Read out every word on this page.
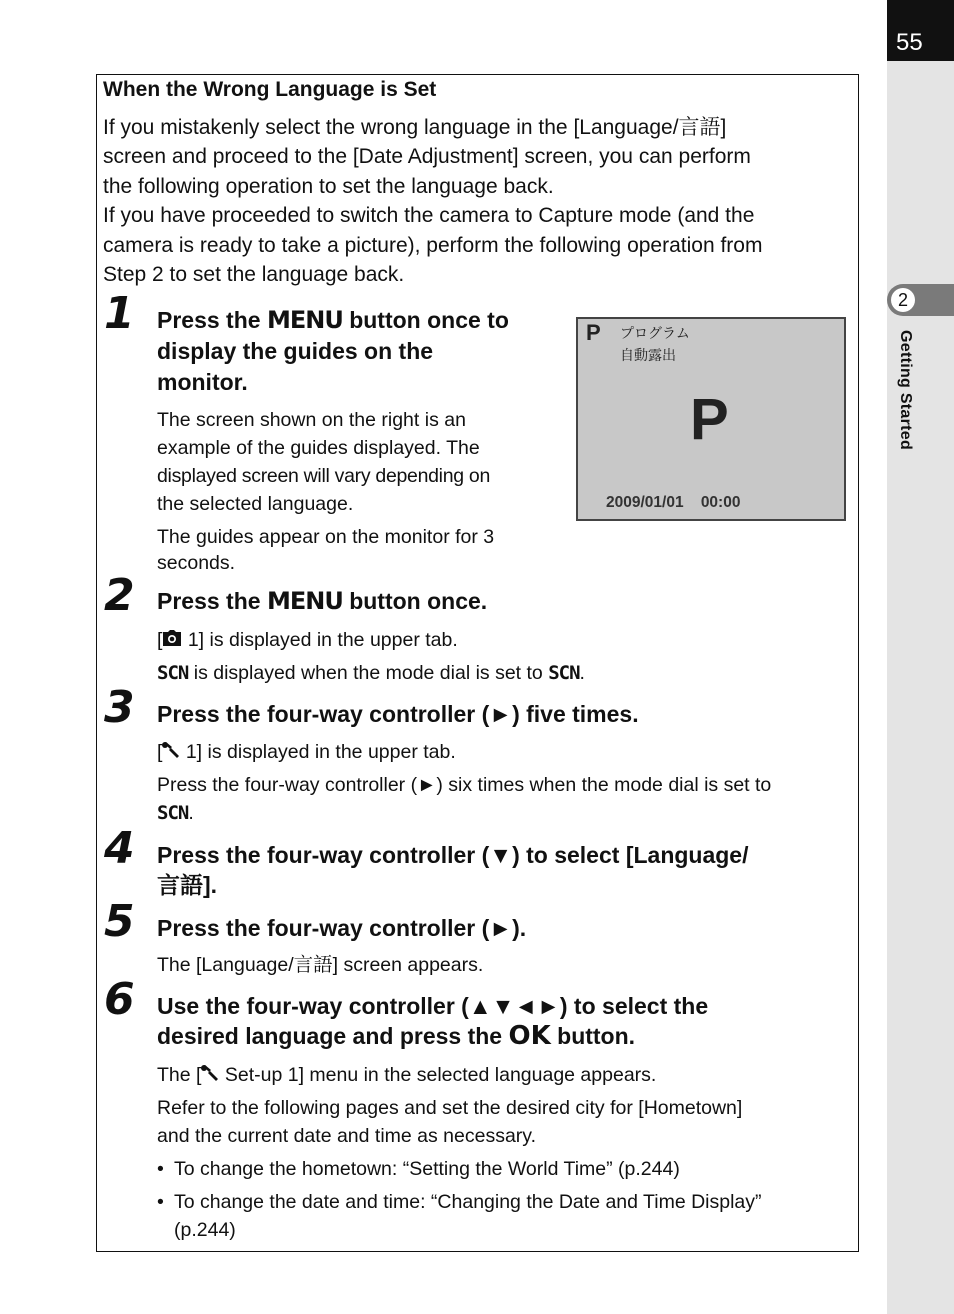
55
2
Getting Started
When the Wrong Language is Set
If you mistakenly select the wrong language in the [Language/言語]
screen and proceed to the [Date Adjustment] screen, you can perform
the following operation to set the language back.
If you have proceeded to switch the camera to Capture mode (and the
camera is ready to take a picture), perform the following operation from
Step 2 to set the language back.
P プログラム
自動露出
P
2009/01/01 00:00
1 Press the MENU button once to
display the guides on the
monitor.
The screen shown on the right is an
example of the guides displayed. The
displayed screen will vary depending on
the selected language.
The guides appear on the monitor for 3
seconds.
2 Press the MENU button once.
[ 1] is displayed in the upper tab.
SCN is displayed when the mode dial is set to SCN.
3 Press the four-way controller (►) five times.
[ 1] is displayed in the upper tab.
Press the four-way controller (►) six times when the mode dial is set to
SCN.
4 Press the four-way controller (▼) to select [Language/
言語].
5 Press the four-way controller (►).
The [Language/言語] screen appears.
6 Use the four-way controller (▲▼◄►) to select the
desired language and press the OK button.
The [ Set-up 1] menu in the selected language appears.
Refer to the following pages and set the desired city for [Hometown]
and the current date and time as necessary.
• To change the hometown: “Setting the World Time” (p.244)
• To change the date and time: “Changing the Date and Time Display”
(p.244)
